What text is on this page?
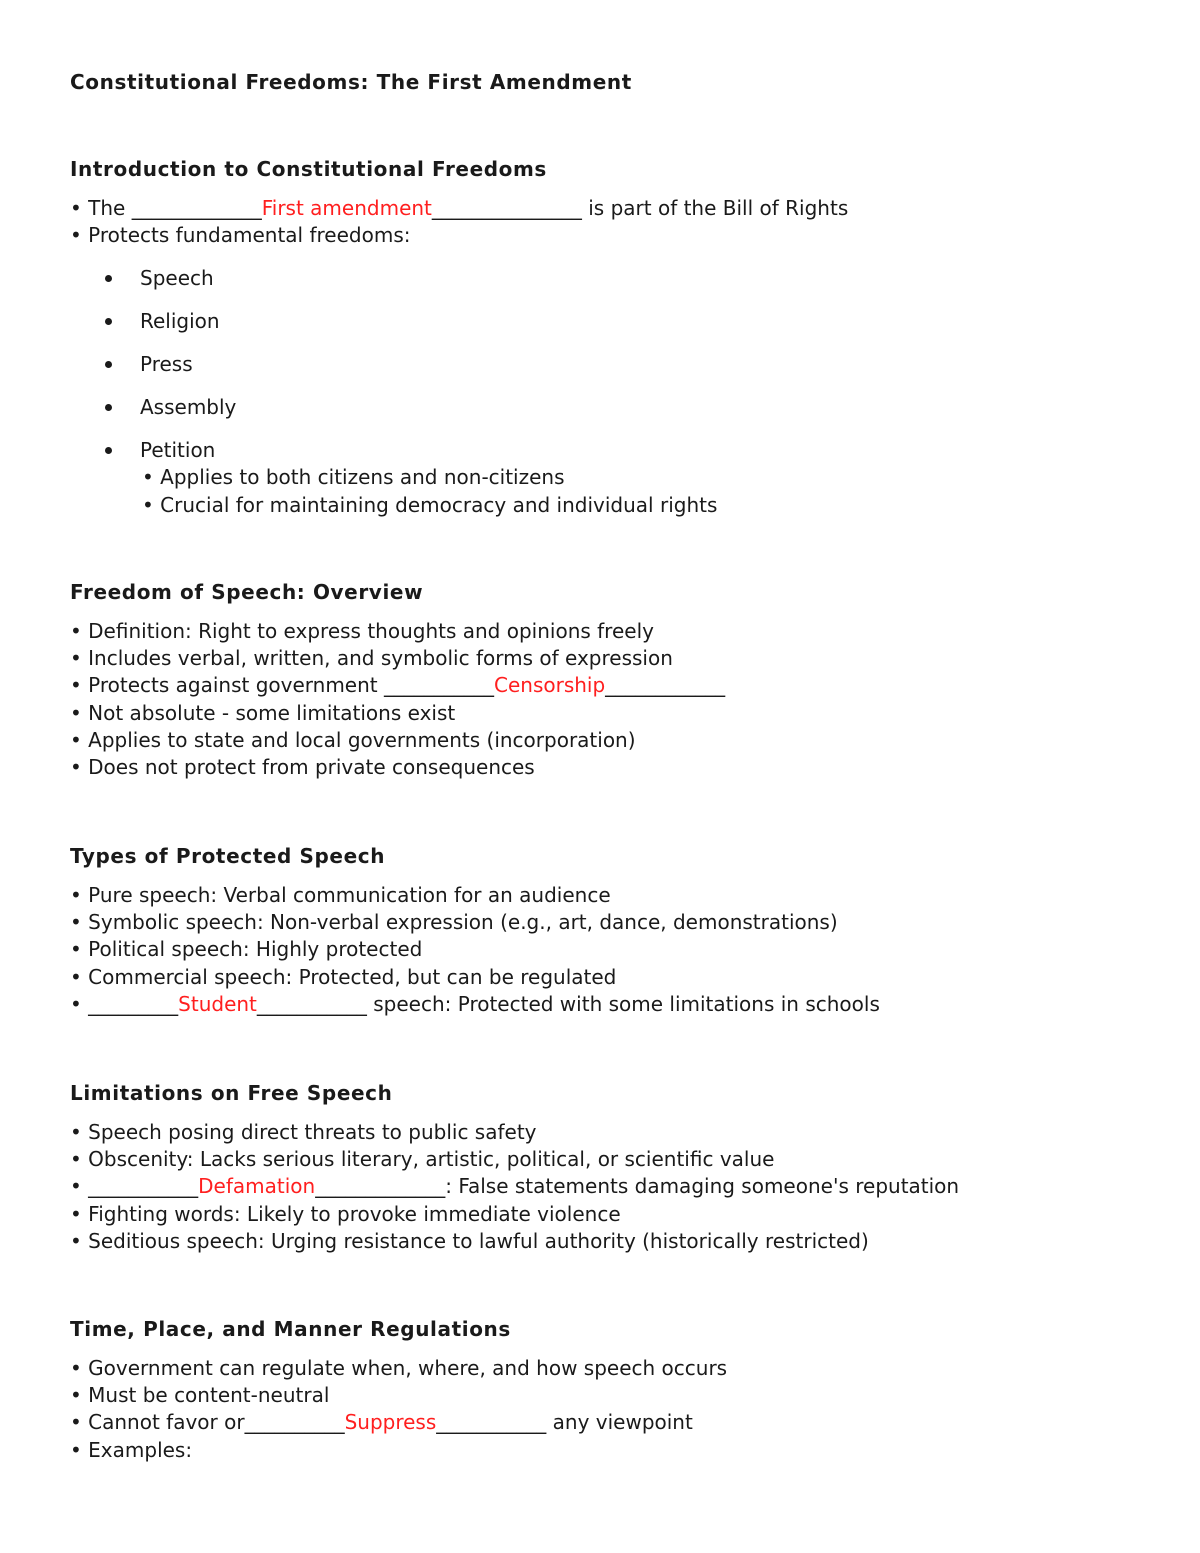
Constitutional Freedoms: The First Amendment
Introduction to Constitutional Freedoms
• The _____________First amendment_______________ is part of the Bill of Rights
• Protects fundamental freedoms:
Speech
Religion
Press
Assembly
Petition
• Applies to both citizens and non-citizens
• Crucial for maintaining democracy and individual rights
Freedom of Speech: Overview
• Definition: Right to express thoughts and opinions freely
• Includes verbal, written, and symbolic forms of expression
• Protects against government ___________Censorship____________
• Not absolute - some limitations exist
• Applies to state and local governments (incorporation)
• Does not protect from private consequences
Types of Protected Speech
• Pure speech: Verbal communication for an audience
• Symbolic speech: Non-verbal expression (e.g., art, dance, demonstrations)
• Political speech: Highly protected
• Commercial speech: Protected, but can be regulated
• _________Student___________ speech: Protected with some limitations in schools
Limitations on Free Speech
• Speech posing direct threats to public safety
• Obscenity: Lacks serious literary, artistic, political, or scientific value
• ___________Defamation_____________: False statements damaging someone's reputation
• Fighting words: Likely to provoke immediate violence
• Seditious speech: Urging resistance to lawful authority (historically restricted)
Time, Place, and Manner Regulations
• Government can regulate when, where, and how speech occurs
• Must be content-neutral
• Cannot favor or__________Suppress___________ any viewpoint
• Examples:
